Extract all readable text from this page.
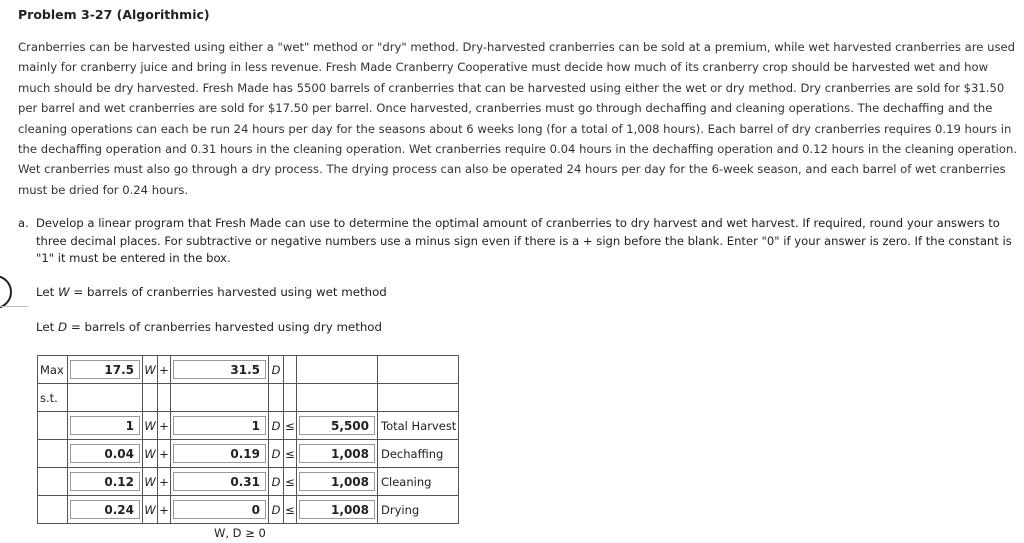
Problem 3-27 (Algorithmic)
Cranberries can be harvested using either a "wet" method or "dry" method. Dry-harvested cranberries can be sold at a premium, while wet harvested cranberries are used mainly for cranberry juice and bring in less revenue. Fresh Made Cranberry Cooperative must decide how much of its cranberry crop should be harvested wet and how much should be dry harvested. Fresh Made has 5500 barrels of cranberries that can be harvested using either the wet or dry method. Dry cranberries are sold for $31.50 per barrel and wet cranberries are sold for $17.50 per barrel. Once harvested, cranberries must go through dechaffing and cleaning operations. The dechaffing and the cleaning operations can each be run 24 hours per day for the seasons about 6 weeks long (for a total of 1,008 hours). Each barrel of dry cranberries requires 0.19 hours in the dechaffing operation and 0.31 hours in the cleaning operation. Wet cranberries require 0.04 hours in the dechaffing operation and 0.12 hours in the cleaning operation. Wet cranberries must also go through a dry process. The drying process can also be operated 24 hours per day for the 6-week season, and each barrel of wet cranberries must be dried for 0.24 hours.
a. Develop a linear program that Fresh Made can use to determine the optimal amount of cranberries to dry harvest and wet harvest. If required, round your answers to three decimal places. For subtractive or negative numbers use a minus sign even if there is a + sign before the blank. Enter "0" if your answer is zero. If the constant is "1" it must be entered in the box.
Let W = barrels of cranberries harvested using wet method
Let D = barrels of cranberries harvested using dry method
Max	17.5	W	+	31.5	D			
s.t.								

	1	W	+	1	D	≤	5,500	Total Harvest

	0.04	W	+	0.19	D	≤	1,008	Dechaffing

	0.12	W	+	0.31	D	≤	1,008	Cleaning

	0.24	W	+	0	D	≤	1,008	Drying
W, D ≥ 0
